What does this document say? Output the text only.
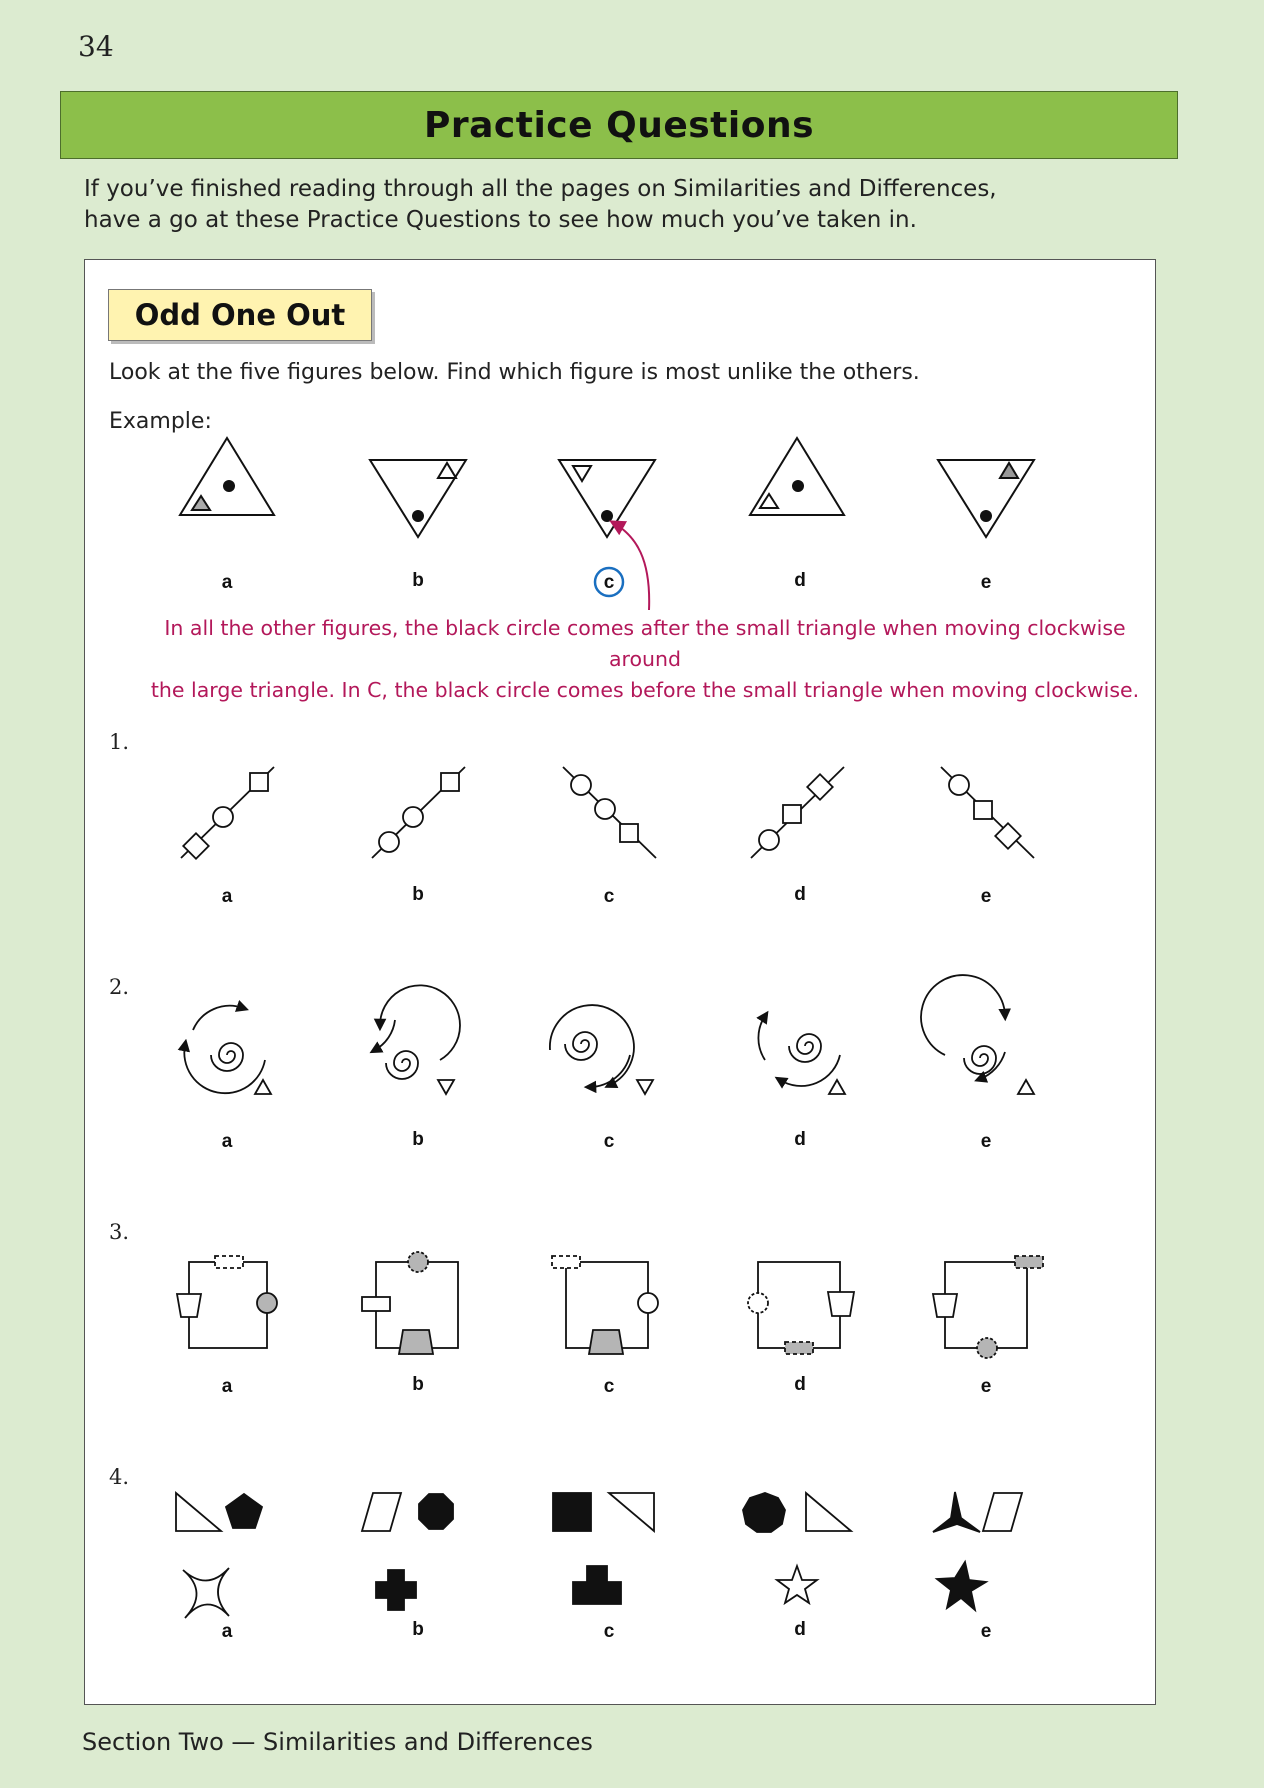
34
Practice Questions

If you’ve finished reading through all the pages on Similarities and Differences,

have a go at these Practice Questions to see how much you’ve taken in.

Odd One Out

Look at the five figures below. Find which figure is most unlike the others.

Example:

In all the other figures, the black circle comes after the small triangle when moving clockwise around

the large triangle. In C, the black circle comes before the small triangle when moving clockwise.

1.
2.
3.
4.
a	b	c	d	e
a	b	c	d	e
a	b	c	d	e
a	b	c	d	e
a	b	c	d	e
Section Two — Similarities and Differences
